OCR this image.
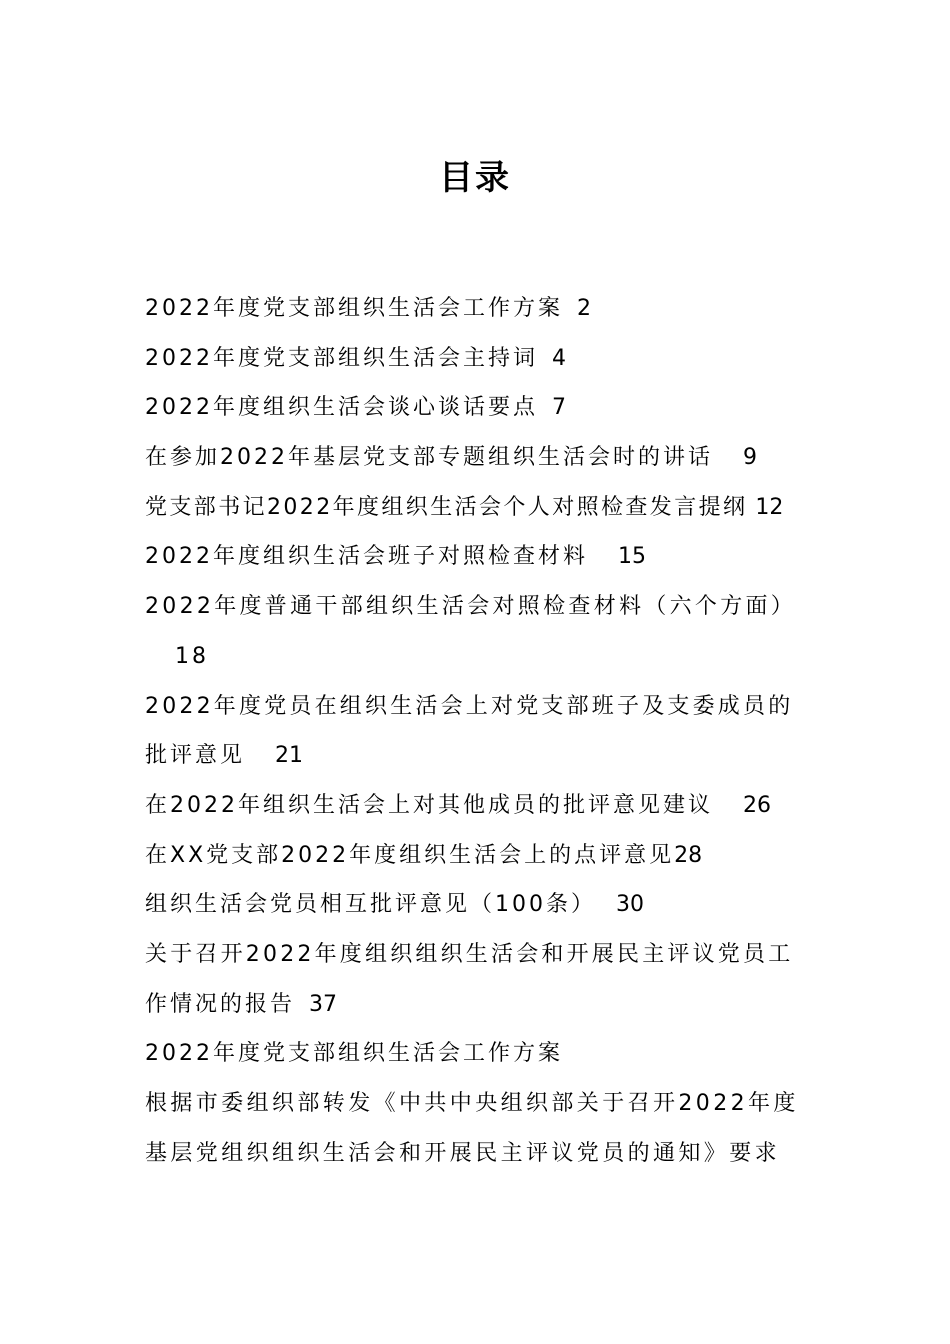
目录
2022年度党支部组织生活会工作方案 2
2022年度党支部组织生活会主持词 4
2022年度组织生活会谈心谈话要点 7
在参加2022年基层党支部专题组织生活会时的讲话 9
党支部书记2022年度组织生活会个人对照检查发言提纲 12
2022年度组织生活会班子对照检查材料 15
2022年度普通干部组织生活会对照检查材料（六个方面）
18
2022年度党员在组织生活会上对党支部班子及支委成员的
批评意见 21
在2022年组织生活会上对其他成员的批评意见建议 26
在XX党支部2022年度组织生活会上的点评意见28
组织生活会党员相互批评意见（100条） 30
关于召开2022年度组织组织生活会和开展民主评议党员工
作情况的报告 37
2022年度党支部组织生活会工作方案
根据市委组织部转发《中共中央组织部关于召开2022年度
基层党组织组织生活会和开展民主评议党员的通知》要求
